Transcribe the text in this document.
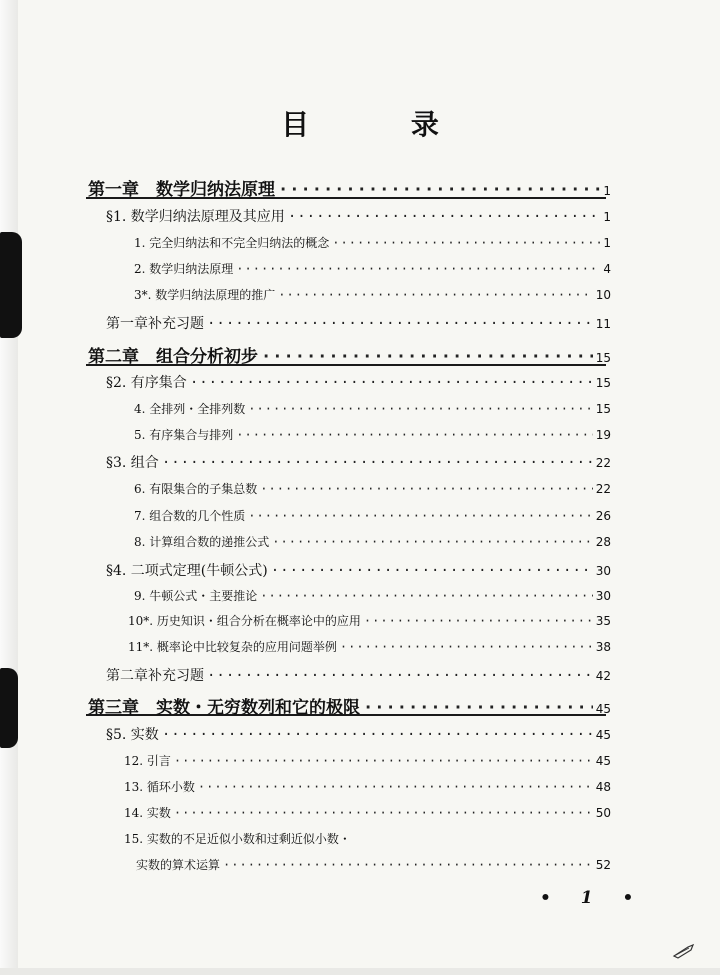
目 录
第一章　数学归纳法原理 ·····	1
§1. 数学归纳法原理及其应用 ·····	1
1. 完全归纳法和不完全归纳法的概念 ·····	1
2. 数学归纳法原理 ·····	4
3*. 数学归纳法原理的推广 ·····	10
第一章补充习题 ·····	11
第二章　组合分析初步 ·····	15
§2. 有序集合 ·····	15
4. 全排列・全排列数 ·····	15
5. 有序集合与排列 ·····	19
§3. 组合 ·····	22
6. 有限集合的子集总数 ·····	22
7. 组合数的几个性质 ·····	26
8. 计算组合数的递推公式 ·····	28
§4. 二项式定理(牛顿公式) ·····	30
9. 牛顿公式・主要推论 ·····	30
10*. 历史知识・组合分析在概率论中的应用 ·····	35
11*. 概率论中比较复杂的应用问题举例 ·····	38
第二章补充习题 ·····	42
第三章　实数・无穷数列和它的极限 ·····	45
§5. 实数 ·····	45
12. 引言 ·····	45
13. 循环小数 ·····	48
14. 实数 ·····	50
15. 实数的不足近似小数和过剩近似小数・
实数的算术运算 ·····	52
• 1 •
